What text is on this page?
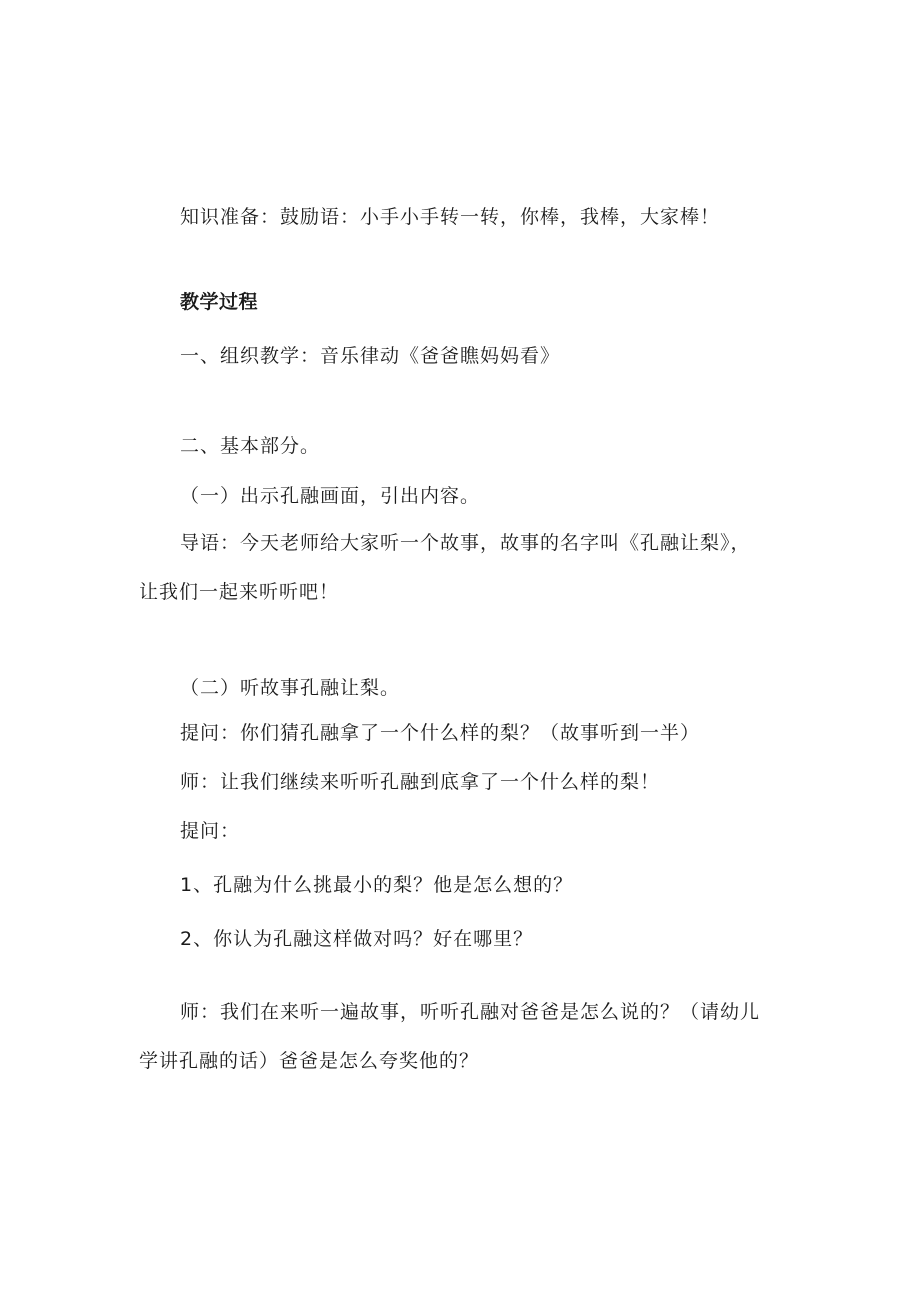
知识准备：鼓励语：小手小手转一转，你棒，我棒，大家棒！
教学过程
一、组织教学：音乐律动《爸爸瞧妈妈看》
二、基本部分。
（一）出示孔融画面，引出内容。
导语：今天老师给大家听一个故事，故事的名字叫《孔融让梨》，
让我们一起来听听吧！
（二）听故事孔融让梨。
提问：你们猜孔融拿了一个什么样的梨？（故事听到一半）
师：让我们继续来听听孔融到底拿了一个什么样的梨！
提问：
1、孔融为什么挑最小的梨？他是怎么想的？
2、你认为孔融这样做对吗？好在哪里？
师：我们在来听一遍故事，听听孔融对爸爸是怎么说的？（请幼儿
学讲孔融的话）爸爸是怎么夸奖他的？
